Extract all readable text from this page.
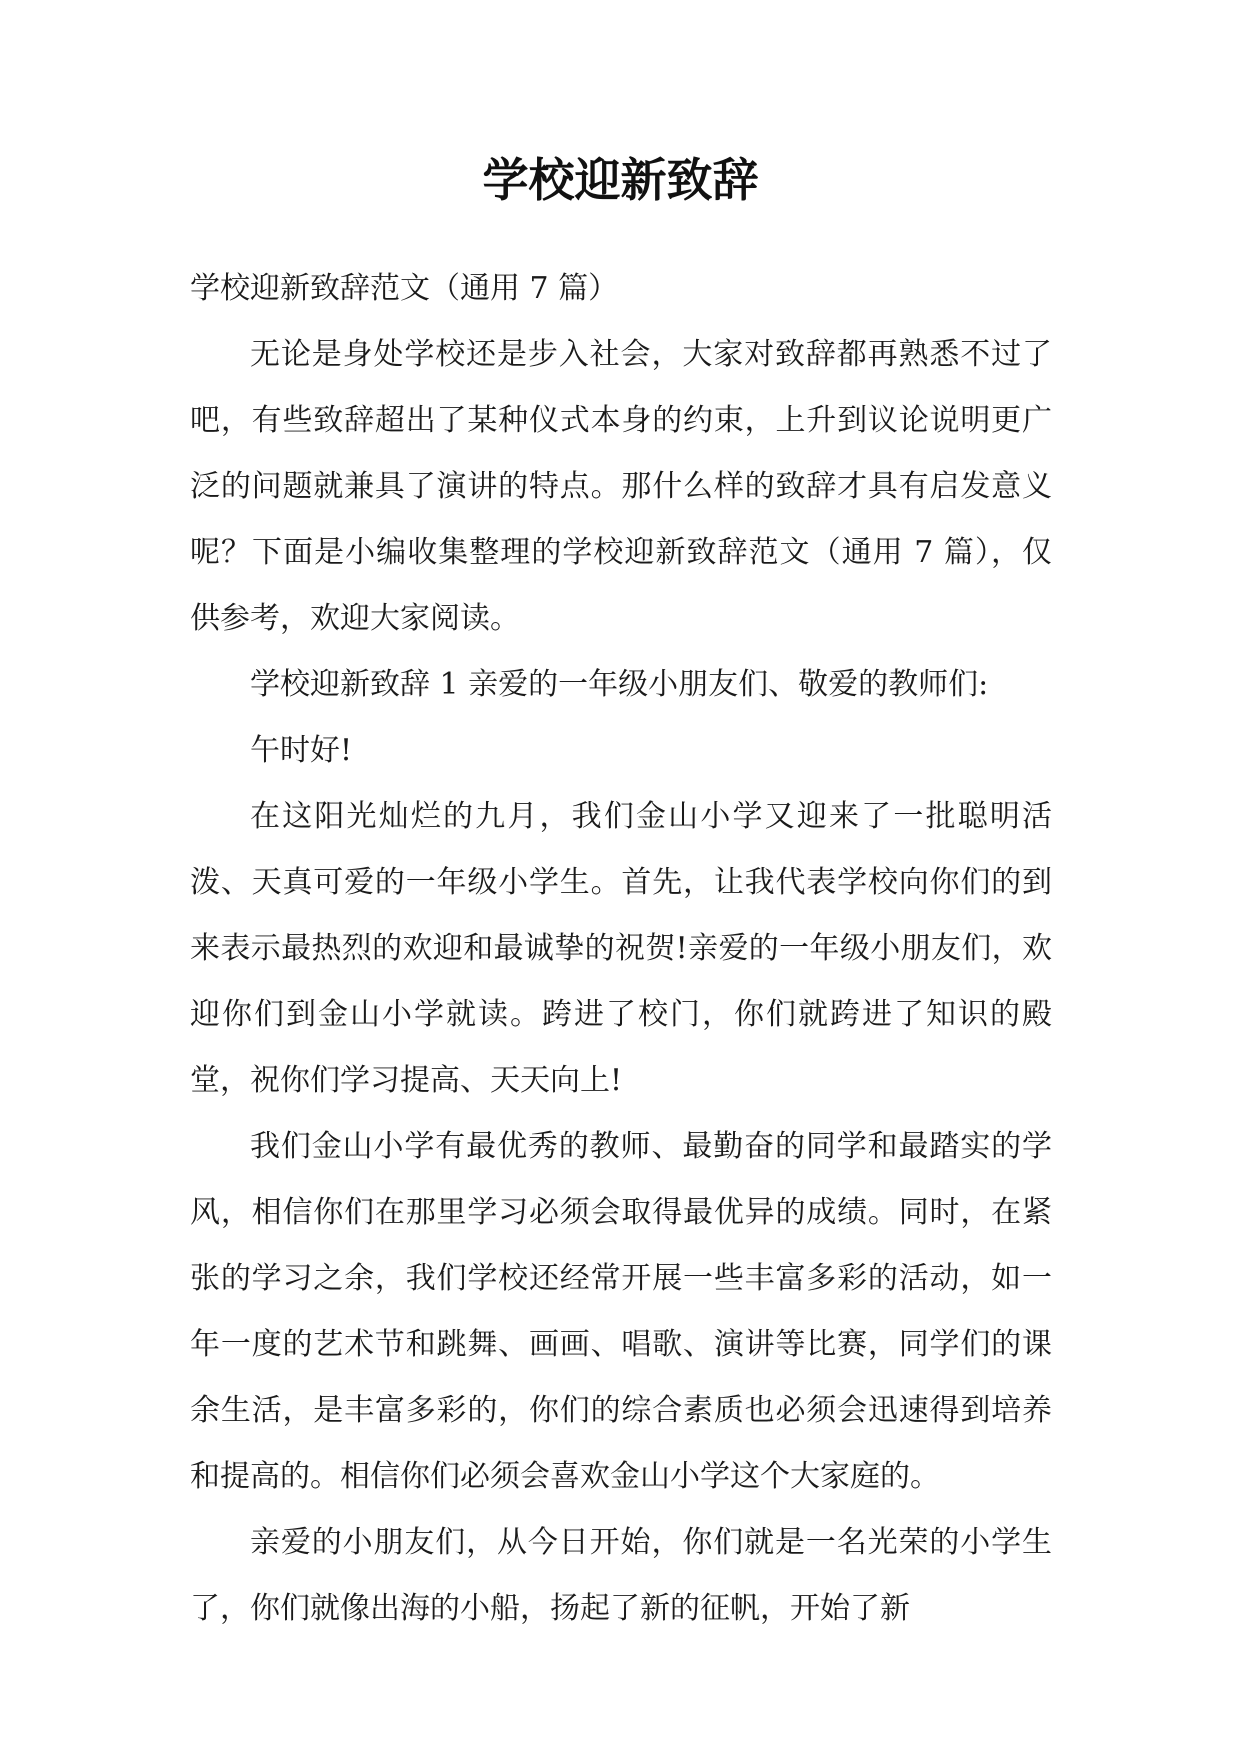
学校迎新致辞

学校迎新致辞范文（通用 7 篇）

无论是身处学校还是步入社会，大家对致辞都再熟悉不过了吧，有些致辞超出了某种仪式本身的约束，上升到议论说明更广泛的问题就兼具了演讲的特点。那什么样的致辞才具有启发意义呢？下面是小编收集整理的学校迎新致辞范文（通用 7 篇），仅供参考，欢迎大家阅读。

学校迎新致辞 1 亲爱的一年级小朋友们、敬爱的教师们:

午时好!

在这阳光灿烂的九月，我们金山小学又迎来了一批聪明活泼、天真可爱的一年级小学生。首先，让我代表学校向你们的到来表示最热烈的欢迎和最诚挚的祝贺!亲爱的一年级小朋友们，欢迎你们到金山小学就读。跨进了校门，你们就跨进了知识的殿堂，祝你们学习提高、天天向上!

我们金山小学有最优秀的教师、最勤奋的同学和最踏实的学风，相信你们在那里学习必须会取得最优异的成绩。同时，在紧张的学习之余，我们学校还经常开展一些丰富多彩的活动，如一年一度的艺术节和跳舞、画画、唱歌、演讲等比赛，同学们的课余生活，是丰富多彩的，你们的综合素质也必须会迅速得到培养和提高的。相信你们必须会喜欢金山小学这个大家庭的。

亲爱的小朋友们，从今日开始，你们就是一名光荣的小学生了，你们就像出海的小船，扬起了新的征帆，开始了新
